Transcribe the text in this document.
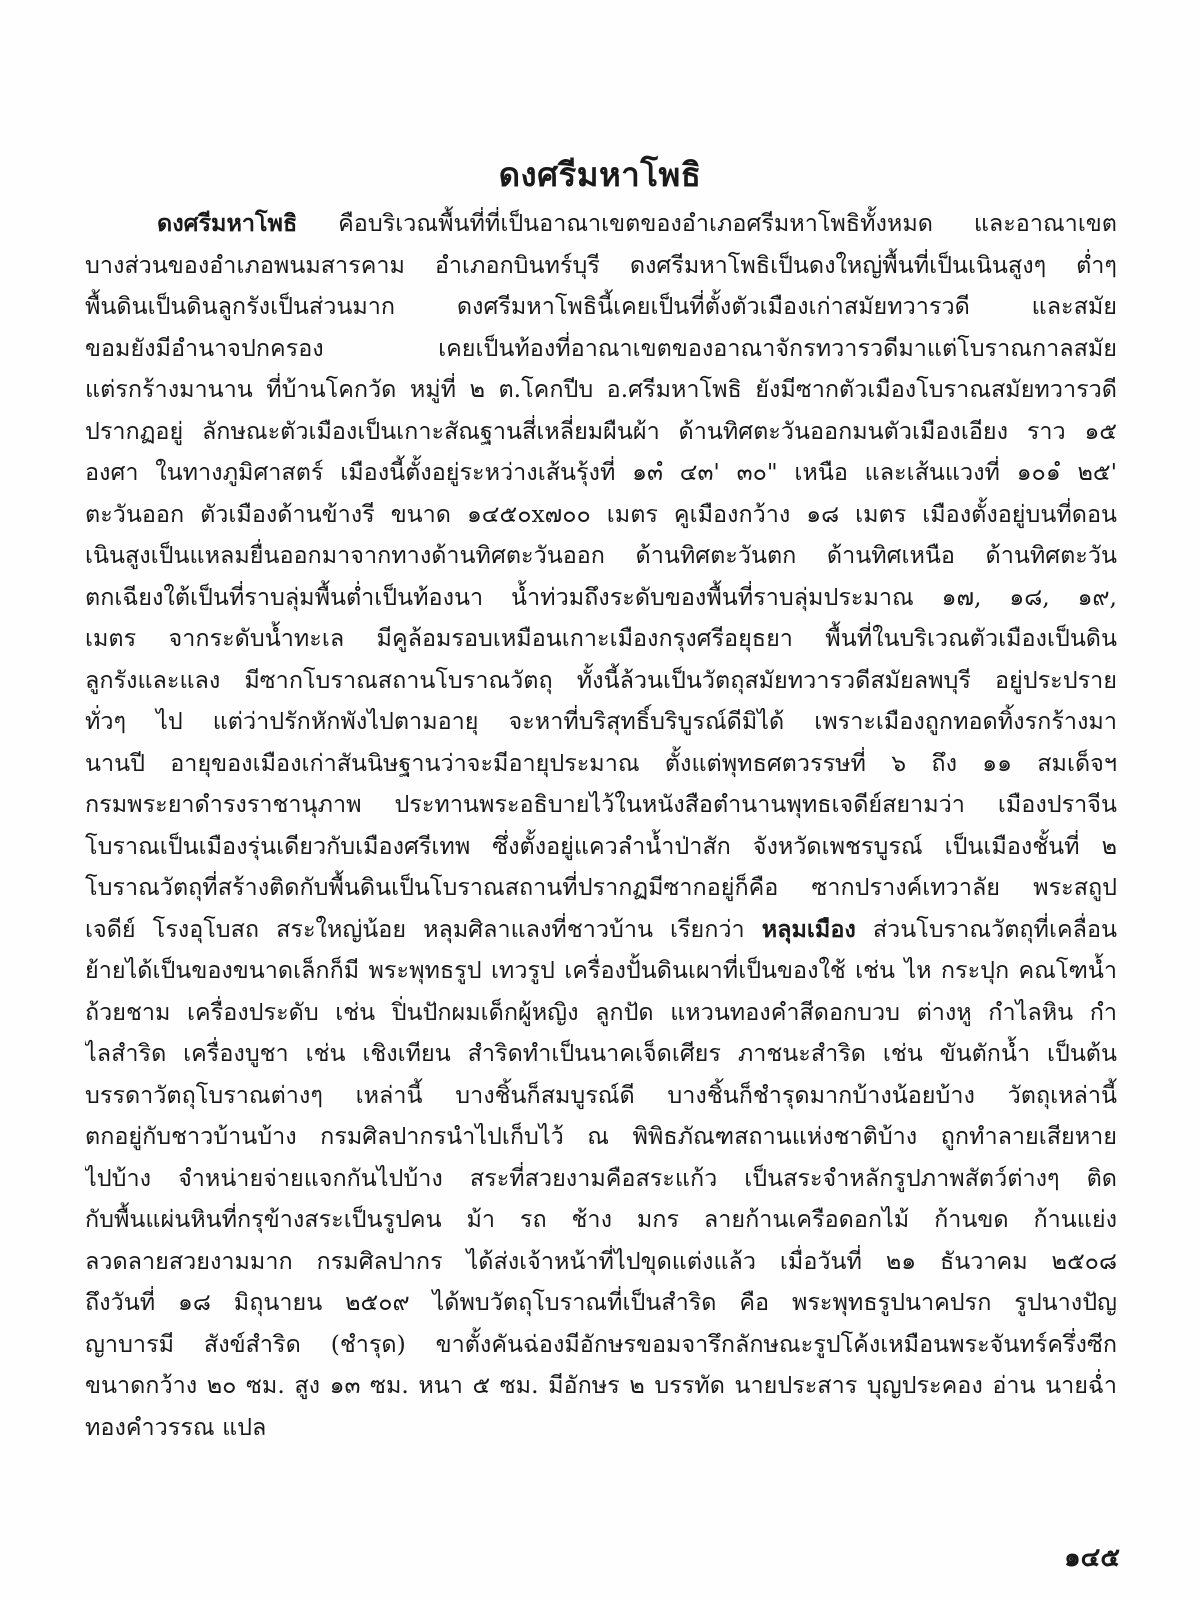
ดงศรีมหาโพธิ
ดงศรีมหาโพธิ คือบริเวณพื้นที่ที่เป็นอาณาเขตของอำเภอศรีมหาโพธิทั้งหมด และอาณาเขต
บางส่วนของอำเภอพนมสารคาม อำเภอกบินทร์บุรี ดงศรีมหาโพธิเป็นดงใหญ่พื้นที่เป็นเนินสูงๆ ต่ำๆ
พื้นดินเป็นดินลูกรังเป็นส่วนมาก ดงศรีมหาโพธินี้เคยเป็นที่ตั้งตัวเมืองเก่าสมัยทวารวดี และสมัย
ขอมยังมีอำนาจปกครอง เคยเป็นท้องที่อาณาเขตของอาณาจักรทวารวดีมาแต่โบราณกาลสมัย
แต่รกร้างมานาน ที่บ้านโคกวัด หมู่ที่ ๒ ต.โคกปีบ อ.ศรีมหาโพธิ ยังมีซากตัวเมืองโบราณสมัยทวารวดี
ปรากฏอยู่ ลักษณะตัวเมืองเป็นเกาะสัณฐานสี่เหลี่ยมผืนผ้า ด้านทิศตะวันออกมนตัวเมืองเอียง ราว ๑๕
องศา ในทางภูมิศาสตร์ เมืองนี้ตั้งอยู่ระหว่างเส้นรุ้งที่ ๑๓ํ ๔๓' ๓๐" เหนือ และเส้นแวงที่ ๑๐๑ํ ๒๕'
ตะวันออก ตัวเมืองด้านข้างรี ขนาด ๑๔๕๐x๗๐๐ เมตร คูเมืองกว้าง ๑๘ เมตร เมืองตั้งอยู่บนที่ดอน
เนินสูงเป็นแหลมยื่นออกมาจากทางด้านทิศตะวันออก ด้านทิศตะวันตก ด้านทิศเหนือ ด้านทิศตะวัน
ตกเฉียงใต้เป็นที่ราบลุ่มพื้นต่ำเป็นท้องนา น้ำท่วมถึงระดับของพื้นที่ราบลุ่มประมาณ ๑๗, ๑๘, ๑๙,
เมตร จากระดับน้ำทะเล มีคูล้อมรอบเหมือนเกาะเมืองกรุงศรีอยุธยา พื้นที่ในบริเวณตัวเมืองเป็นดิน
ลูกรังและแลง มีซากโบราณสถานโบราณวัตถุ ทั้งนี้ล้วนเป็นวัตถุสมัยทวารวดีสมัยลพบุรี อยู่ประปราย
ทั่วๆ ไป แต่ว่าปรักหักพังไปตามอายุ จะหาที่บริสุทธิ์บริบูรณ์ดีมิได้ เพราะเมืองถูกทอดทิ้งรกร้างมา
นานปี อายุของเมืองเก่าสันนิษฐานว่าจะมีอายุประมาณ ตั้งแต่พุทธศตวรรษที่ ๖ ถึง ๑๑ สมเด็จฯ
กรมพระยาดำรงราชานุภาพ ประทานพระอธิบายไว้ในหนังสือตำนานพุทธเจดีย์สยามว่า เมืองปราจีน
โบราณเป็นเมืองรุ่นเดียวกับเมืองศรีเทพ ซึ่งตั้งอยู่แควลำน้ำป่าสัก จังหวัดเพชรบูรณ์ เป็นเมืองชั้นที่ ๒
โบราณวัตถุที่สร้างติดกับพื้นดินเป็นโบราณสถานที่ปรากฏมีซากอยู่ก็คือ ซากปรางค์เทวาลัย พระสถูป
เจดีย์ โรงอุโบสถ สระใหญ่น้อย หลุมศิลาแลงที่ชาวบ้าน เรียกว่า หลุมเมือง ส่วนโบราณวัตถุที่เคลื่อน
ย้ายได้เป็นของขนาดเล็กก็มี พระพุทธรูป เทวรูป เครื่องปั้นดินเผาที่เป็นของใช้ เช่น ไห กระปุก คณโฑน้ำ
ถ้วยชาม เครื่องประดับ เช่น ปิ่นปักผมเด็กผู้หญิง ลูกปัด แหวนทองคำสีดอกบวบ ต่างหู กำไลหิน กำ
ไลสำริด เครื่องบูชา เช่น เชิงเทียน สำริดทำเป็นนาคเจ็ดเศียร ภาชนะสำริด เช่น ขันตักน้ำ เป็นต้น
บรรดาวัตถุโบราณต่างๆ เหล่านี้ บางชิ้นก็สมบูรณ์ดี บางชิ้นก็ชำรุดมากบ้างน้อยบ้าง วัตถุเหล่านี้
ตกอยู่กับชาวบ้านบ้าง กรมศิลปากรนำไปเก็บไว้ ณ พิพิธภัณฑสถานแห่งชาติบ้าง ถูกทำลายเสียหาย
ไปบ้าง จำหน่ายจ่ายแจกกันไปบ้าง สระที่สวยงามคือสระแก้ว เป็นสระจำหลักรูปภาพสัตว์ต่างๆ ติด
กับพื้นแผ่นหินที่กรุข้างสระเป็นรูปคน ม้า รถ ช้าง มกร ลายก้านเครือดอกไม้ ก้านขด ก้านแย่ง
ลวดลายสวยงามมาก กรมศิลปากร ได้ส่งเจ้าหน้าที่ไปขุดแต่งแล้ว เมื่อวันที่ ๒๑ ธันวาคม ๒๕๐๘
ถึงวันที่ ๑๘ มิถุนายน ๒๕๐๙ ได้พบวัตถุโบราณที่เป็นสำริด คือ พระพุทธรูปนาคปรก รูปนางปัญ
ญาบารมี สังข์สำริด (ชำรุด) ขาตั้งคันฉ่องมีอักษรขอมจารึกลักษณะรูปโค้งเหมือนพระจันทร์ครึ่งซีก
ขนาดกว้าง ๒๐ ซม. สูง ๑๓ ซม. หนา ๕ ซม. มีอักษร ๒ บรรทัด นายประสาร บุญประคอง อ่าน นายฉ่ำ
ทองคำวรรณ แปล
๑๔๕
